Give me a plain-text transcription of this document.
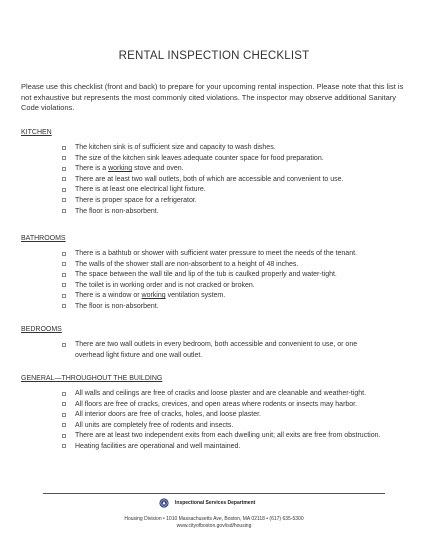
RENTAL INSPECTION CHECKLIST

Please use this checklist (front and back) to prepare for your upcoming rental inspection. Please note that this list is not exhaustive but represents the most commonly cited violations. The inspector may observe additional Sanitary Code violations.

KITCHEN
The kitchen sink is of sufficient size and capacity to wash dishes.
The size of the kitchen sink leaves adequate counter space for food preparation.
There is a working stove and oven.
There are at least two wall outlets, both of which are accessible and convenient to use.
There is at least one electrical light fixture.
There is proper space for a refrigerator.
The floor is non-absorbent.
BATHROOMS
There is a bathtub or shower with sufficient water pressure to meet the needs of the tenant.
The walls of the shower stall are non-absorbent to a height of 48 inches.
The space between the wall tile and lip of the tub is caulked properly and water-tight.
The toilet is in working order and is not cracked or broken.
There is a window or working ventilation system.
The floor is non-absorbent.
BEDROOMS
There are two wall outlets in every bedroom, both accessible and convenient to use, or one overhead light fixture and one wall outlet.
GENERAL—THROUGHOUT THE BUILDING
All walls and ceilings are free of cracks and loose plaster and are cleanable and weather-tight.
All floors are free of cracks, crevices, and open areas where rodents or insects may harbor.
All interior doors are free of cracks, holes, and loose plaster.
All units are completely free of rodents and insects.
There are at least two independent exits from each dwelling unit; all exits are free from obstruction.
Heating facilities are operational and well maintained.
Inspectional Services Department
Housing Division • 1010 Massachusetts Ave, Boston, MA 02118 • (617) 635-5300
www.cityofboston.gov/isd/housing
